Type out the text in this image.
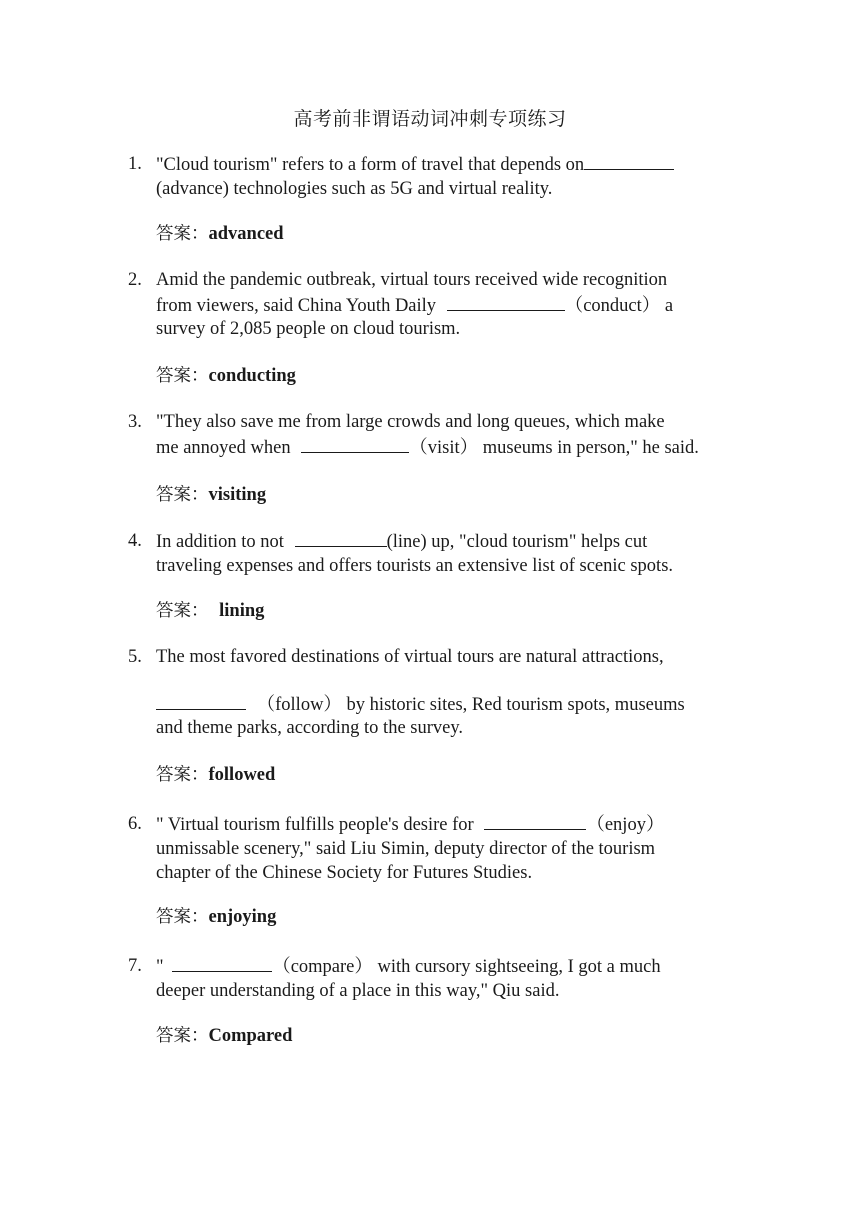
高考前非谓语动词冲刺专项练习
1. "Cloud tourism" refers to a form of travel that depends on
(advance) technologies such as 5G and virtual reality.
答案：advanced
2. Amid the pandemic outbreak, virtual tours received wide recognition
from viewers, said China Youth Daily	（conduct） a
survey of 2,085 people on cloud tourism.
答案：conducting
3. "They also save me from large crowds and long queues, which make
me annoyed when	（visit） museums in person," he said.
答案：visiting
4. In addition to not	(line) up, "cloud tourism" helps cut
traveling expenses and offers tourists an extensive list of scenic spots.
答案： lining
5. The most favored destinations of virtual tours are natural attractions,
（follow） by historic sites, Red tourism spots, museums
and theme parks, according to the survey.
答案：followed
6. " Virtual tourism fulfills people's desire for	（enjoy）
unmissable scenery," said Liu Simin, deputy director of the tourism
chapter of the Chinese Society for Futures Studies.
答案：enjoying
7. "	（compare） with cursory sightseeing, I got a much
deeper understanding of a place in this way," Qiu said.
答案：Compared
